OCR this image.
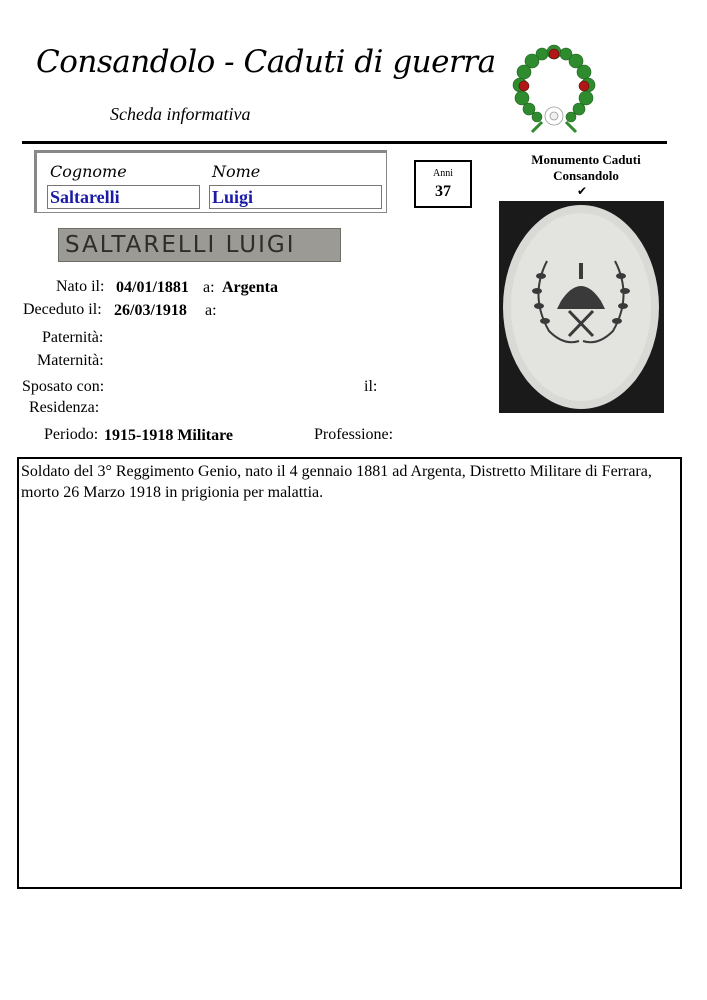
Consandolo - Caduti di guerra
Scheda informativa
Cognome	Nome
Saltarelli	Luigi
Anni
37
Monumento Caduti Consandolo
✔
SALTARELLI LUIGI
Nato il: 04/01/1881 a: Argenta
Deceduto il: 26/03/1918 a:
Paternità:
Maternità:
Sposato con:	il:
Residenza:
Periodo: 1915-1918 Militare	Professione:
Soldato del 3° Reggimento Genio, nato il 4 gennaio 1881 ad Argenta, Distretto Militare di Ferrara, morto 26 Marzo 1918 in prigionia per malattia.
